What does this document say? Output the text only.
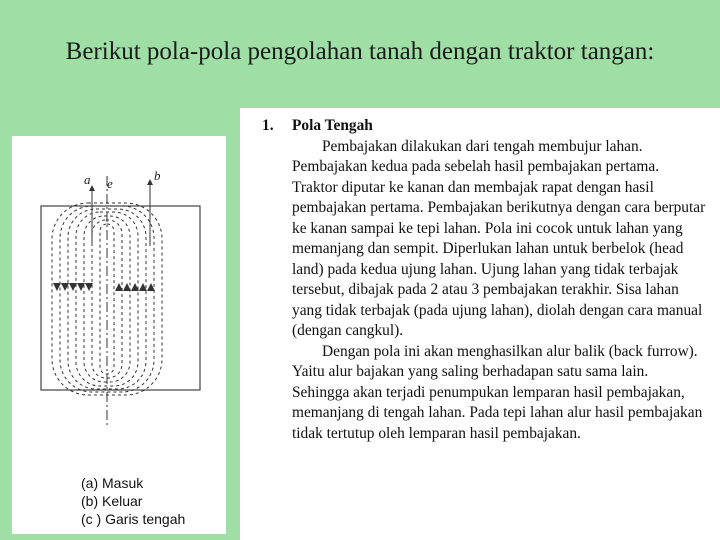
Berikut pola-pola pengolahan tanah dengan traktor tangan:
a e
b
(a) Masuk
(b) Keluar
(c ) Garis tengah
1. Pola Tengah
Pembajakan dilakukan dari tengah membujur lahan. Pembajakan kedua pada sebelah hasil pembajakan pertama. Traktor diputar ke kanan dan membajak rapat dengan hasil pembajakan pertama. Pembajakan berikutnya dengan cara berputar ke kanan sampai ke tepi lahan. Pola ini cocok untuk lahan yang memanjang dan sempit. Diperlukan lahan untuk berbelok (head land) pada kedua ujung lahan. Ujung lahan yang tidak terbajak tersebut, dibajak pada 2 atau 3 pembajakan terakhir. Sisa lahan yang tidak terbajak (pada ujung lahan), diolah dengan cara manual (dengan cangkul).
Dengan pola ini akan menghasilkan alur balik (back furrow). Yaitu alur bajakan yang saling berhadapan satu sama lain. Sehingga akan terjadi penumpukan lemparan hasil pembajakan, memanjang di tengah lahan. Pada tepi lahan alur hasil pembajakan tidak tertutup oleh lemparan hasil pembajakan.
